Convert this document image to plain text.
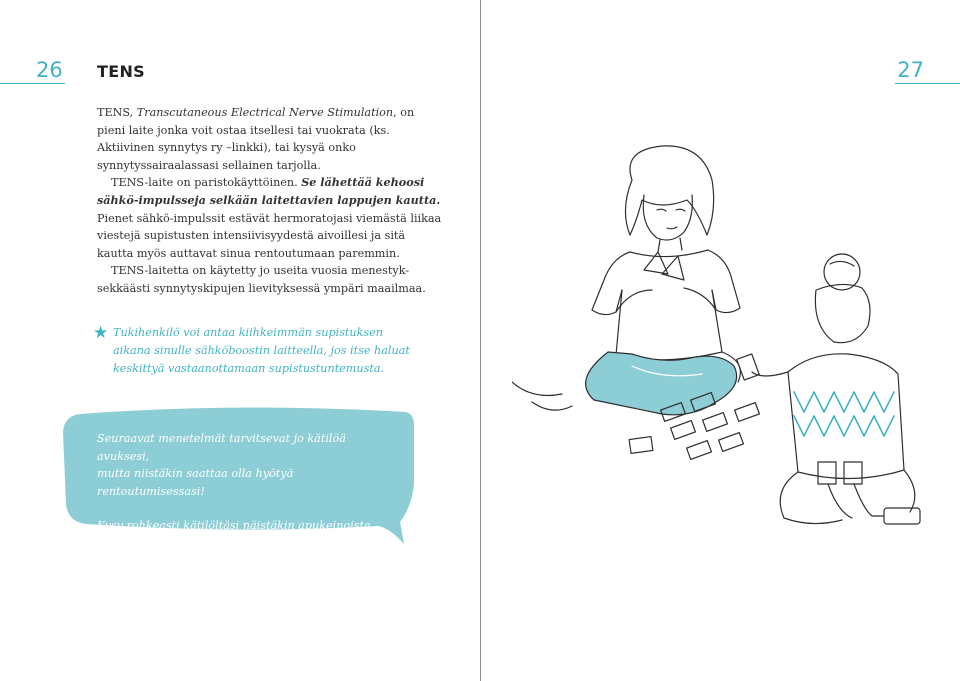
26 TENS

TENS, Transcutaneous Electrical Nerve Stimulation, on pieni laite jonka voit ostaa itsellesi tai vuokrata (ks. Aktiivinen synnytys ry –linkki), tai kysyä onko synnytyssairaalassasi sellainen tarjolla.

TENS-laite on paristokäyttöinen. Se lähettää kehoosi sähkö-impulsseja selkään laitettavien lappujen kautta. Pienet sähkö-impulssit estävät hermoratojasi viemästä liikaa viestejä supistusten intensiivisyydestä aivoillesi ja sitä kautta myös auttavat sinua rentoutumaan paremmin.

TENS-laitetta on käytetty jo useita vuosia menestyk-sekkäästi synnytyskipujen lievityksessä ympäri maailmaa.

★ Tukihenkilö voi antaa kiihkeimmän supistuksen aikana sinulle sähköboostin laitteella, jos itse haluat keskittyä vastaanottamaan supistustuntemusta.

Seuraavat menetelmät tarvitsevat jo kätilöä avuksesi,

mutta niistäkin saattaa olla hyötyä rentoutumisessasi!

Kysy rohkeasti kätilöltäsi näistäkin apukeinoista.

27
